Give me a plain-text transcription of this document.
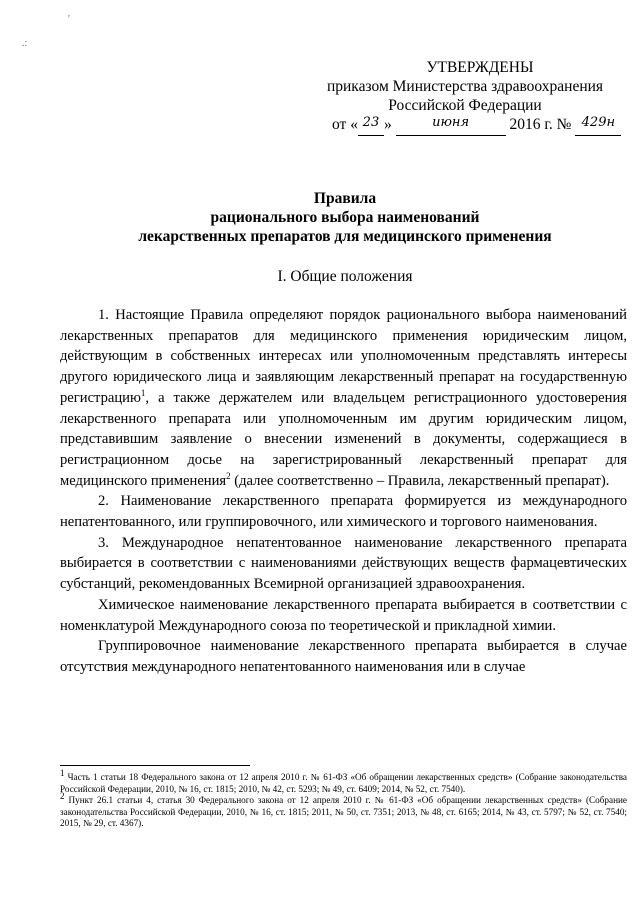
'
.:
УТВЕРЖДЕНЫ
приказом Министерства здравоохранения
Российской Федерации
от « 23 »	июня	2016 г. № 429н
Правила
рационального выбора наименований
лекарственных препаратов для медицинского применения
I. Общие положения

1. Настоящие Правила определяют порядок рационального выбора наименований лекарственных препаратов для медицинского применения юридическим лицом, действующим в собственных интересах или уполномоченным представлять интересы другого юридического лица и заявляющим лекарственный препарат на государственную регистрацию$^1$, а также держателем или владельцем регистрационного удостоверения лекарственного препарата или уполномоченным им другим юридическим лицом, представившим заявление о внесении изменений в документы, содержащиеся в регистрационном досье на зарегистрированный лекарственный препарат для медицинского применения$^2$ (далее соответственно – Правила, лекарственный препарат).

2. Наименование лекарственного препарата формируется из международного непатентованного, или группировочного, или химического и торгового наименования.

3. Международное непатентованное наименование лекарственного препарата выбирается в соответствии с наименованиями действующих веществ фармацевтических субстанций, рекомендованных Всемирной организацией здравоохранения.

Химическое наименование лекарственного препарата выбирается в соответствии с номенклатурой Международного союза по теоретической и прикладной химии.

Группировочное наименование лекарственного препарата выбирается в случае отсутствия международного непатентованного наименования или в случае

$^1$ Часть 1 статьи 18 Федерального закона от 12 апреля 2010 г. № 61-ФЗ «Об обращении лекарственных средств» (Собрание законодательства Российской Федерации, 2010, № 16, ст. 1815; 2010, № 42, ст. 5293; № 49, ст. 6409; 2014, № 52, ст. 7540).

$^2$ Пункт 26.1 статьи 4, статья 30 Федерального закона от 12 апреля 2010 г. № 61-ФЗ «Об обращении лекарственных средств» (Собрание законодательства Российской Федерации, 2010, № 16, ст. 1815; 2011, № 50, ст. 7351; 2013, № 48, ст. 6165; 2014, № 43, ст. 5797; № 52, ст. 7540; 2015, № 29, ст. 4367).
